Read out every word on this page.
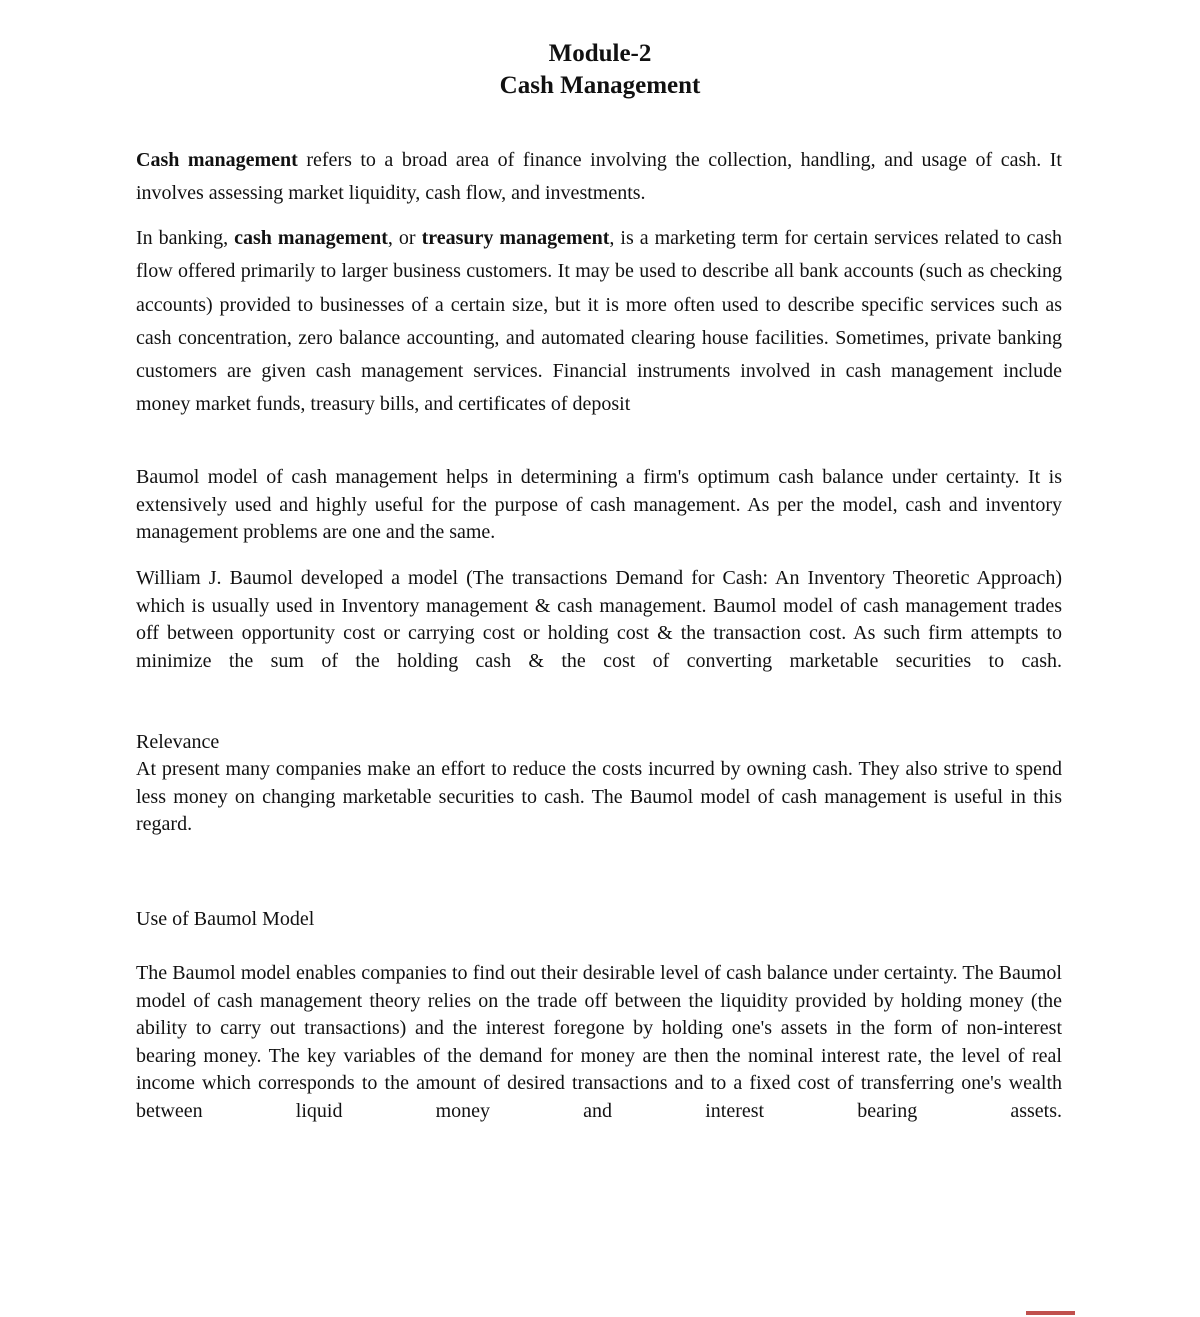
Module-2
Cash Management

Cash management refers to a broad area of finance involving the collection, handling, and usage of cash. It involves assessing market liquidity, cash flow, and investments.

In banking, cash management, or treasury management, is a marketing term for certain services related to cash flow offered primarily to larger business customers. It may be used to describe all bank accounts (such as checking accounts) provided to businesses of a certain size, but it is more often used to describe specific services such as cash concentration, zero balance accounting, and automated clearing house facilities. Sometimes, private banking customers are given cash management services. Financial instruments involved in cash management include money market funds, treasury bills, and certificates of deposit

Baumol model of cash management helps in determining a firm's optimum cash balance under certainty. It is extensively used and highly useful for the purpose of cash management. As per the model, cash and inventory management problems are one and the same.

William J. Baumol developed a model (The transactions Demand for Cash: An Inventory Theoretic Approach) which is usually used in Inventory management & cash management. Baumol model of cash management trades off between opportunity cost or carrying cost or holding cost & the transaction cost. As such firm attempts to minimize the sum of the holding cash & the cost of converting marketable securities to cash.

Relevance

At present many companies make an effort to reduce the costs incurred by owning cash. They also strive to spend less money on changing marketable securities to cash. The Baumol model of cash management is useful in this regard.

Use of Baumol Model

The Baumol model enables companies to find out their desirable level of cash balance under certainty. The Baumol model of cash management theory relies on the trade off between the liquidity provided by holding money (the ability to carry out transactions) and the interest foregone by holding one's assets in the form of non-interest bearing money. The key variables of the demand for money are then the nominal interest rate, the level of real income which corresponds to the amount of desired transactions and to a fixed cost of transferring one's wealth between liquid money and interest bearing assets.
